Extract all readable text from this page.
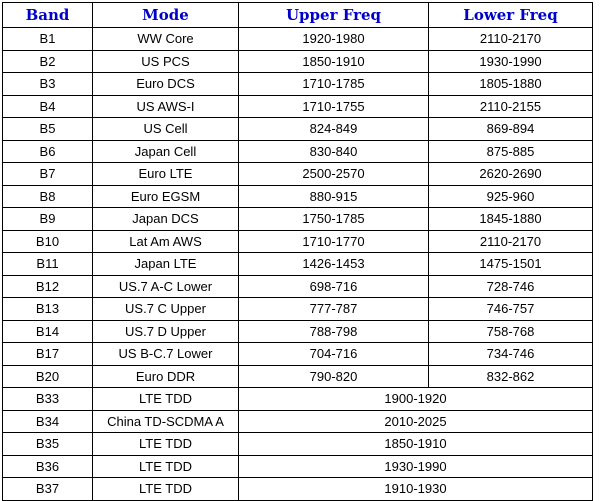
Band	Mode	Upper Freq	Lower Freq
B1	WW Core	1920-1980	2110-2170
B2	US PCS	1850-1910	1930-1990
B3	Euro DCS	1710-1785	1805-1880
B4	US AWS-I	1710-1755	2110-2155
B5	US Cell	824-849	869-894
B6	Japan Cell	830-840	875-885
B7	Euro LTE	2500-2570	2620-2690
B8	Euro EGSM	880-915	925-960
B9	Japan DCS	1750-1785	1845-1880
B10	Lat Am AWS	1710-1770	2110-2170
B11	Japan LTE	1426-1453	1475-1501
B12	US.7 A-C Lower	698-716	728-746
B13	US.7 C Upper	777-787	746-757
B14	US.7 D Upper	788-798	758-768
B17	US B-C.7 Lower	704-716	734-746
B20	Euro DDR	790-820	832-862
B33	LTE TDD	1900-1920	
B34	China TD-SCDMA A	2010-2025	
B35	LTE TDD	1850-1910	
B36	LTE TDD	1930-1990	
B37	LTE TDD	1910-1930	
